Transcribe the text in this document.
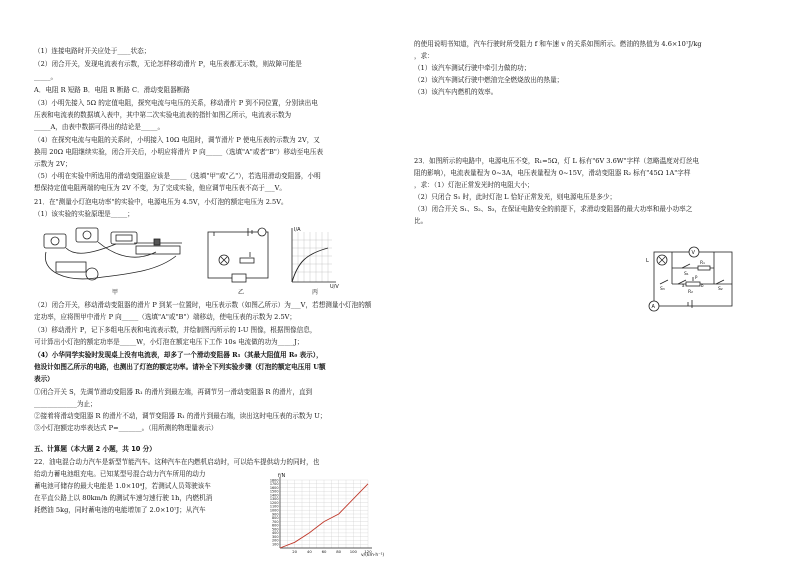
（1）连接电路时开关应处于____状态；
（2）闭合开关，发现电流表有示数，无论怎样移动滑片 P，电压表都无示数，则故障可能是
_____。
A．电阻 R 短路 B．电阻 R 断路 C．滑动变阻器断路
（3）小明先接入 5Ω 的定值电阻，探究电流与电压的关系，移动滑片 P 到不同位置，分别读出电
压表和电流表的数据填入表中，其中第二次实验电流表的指针如图乙所示，电流表示数为
_____A，由表中数据可得出的结论是_____。
（4）在探究电流与电阻的关系时，小明接入 10Ω 电阻时，调节滑片 P 使电压表的示数为 2V，又
换用 20Ω 电阻继续实验，闭合开关后，小明应将滑片 P 向_____（选填"A"或者"B"）移动至电压表
示数为 2V；
（5）小明在实验中所选用的滑动变阻器应该是_____（选填"甲"或"乙"），若选用滑动变阻器，小明
想保持定值电阻两端的电压为 2V 不变，为了完成实验，他应调节电压表不高于___V。
21．在"测量小灯泡电功率"的实验中，电源电压为 4.5V，小灯泡的额定电压为 2.5V。
（1）该实验的实验原理是_____；
甲	乙
I/A
U/V
丙
（2）闭合开关，移动滑动变阻器的滑片 P 到某一位置时，电压表示数（如图乙所示）为___V，若想测量小灯泡的额
定功率，应将图甲中滑片 P 向_____（选填"A"或"B"）端移动，使电压表的示数为 2.5V；
（3）移动滑片 P，记下多组电压表和电流表示数，并绘制图丙所示的 I-U 图像，根据图像信息，
可计算出小灯泡的额定功率是_____W，小灯泡在额定电压下工作 10s 电流做的功为_____J；
（4）小华同学实验时发现桌上没有电流表，却多了一个滑动变阻器 R₁（其最大阻值用 R₀ 表示），
他设计如图乙所示的电路，也测出了灯泡的额定功率。请补全下列实验步骤（灯泡的额定电压用 U额
表示）
①闭合开关 S，先调节滑动变阻器 R₁ 的滑片到最左端，再调节另一滑动变阻器 R 的滑片，直到
_____________为止；
②接着将滑动变阻器 R 的滑片不动，调节变阻器 R₁ 的滑片到最右端，读出这时电压表的示数为 U；
③小灯泡额定功率表达式 P=_______。（用所测的物理量表示）
五、计算题（本大题 2 小题，共 10 分）
22．油电混合动力汽车是新型节能汽车。这种汽车在内燃机启动时，可以给车提供动力的同时，也
给动力蓄电池组充电。已知某型号混合动力汽车所用的动力
蓄电池可储存的最大电能是 1.0×10⁸J，若测试人员驾驶该车
在平直公路上以 80km/h 的测试车速匀速行驶 1h，内燃机消
耗燃油 5kg，同时蓄电池的电能增加了 2.0×10⁷J；从汽车
20	40	60	80 100 120
100
200
300
400
500
600
700
800
900
1000
1100
1200
1300
1400
1500
1600
1700
1800
f/N
v/(km·h⁻¹)
的使用说明书知道，汽车行驶时所受阻力 f 和车速 v 的关系如图所示。燃油的热值为 4.6×10⁷J/kg
，求：
（1）该汽车测试行驶中牵引力做的功；
（2）该汽车测试行驶中燃油完全燃烧放出的热量；
（3）该汽车内燃机的效率。
23．如图所示的电路中，电源电压不变，R₁=5Ω，灯 L 标有"6V 3.6W"字样（忽略温度对灯丝电
阻的影响），电流表量程为 0~3A，电压表量程为 0~15V，滑动变阻器 R₂ 标有"45Ω 1A"字样
，求：（1）灯泡正常发光时的电阻大小；
（2）只闭合 S₁ 时，此时灯泡 L 恰好正常发光，则电源电压是多少；
（3）闭合开关 S₁、S₂、S₃，在保证电路安全的前提下，求滑动变阻器的最大功率和最小功率之
比。
V
A
L
S₁
R₁
S₂
S₃
R₂
a	b
P
